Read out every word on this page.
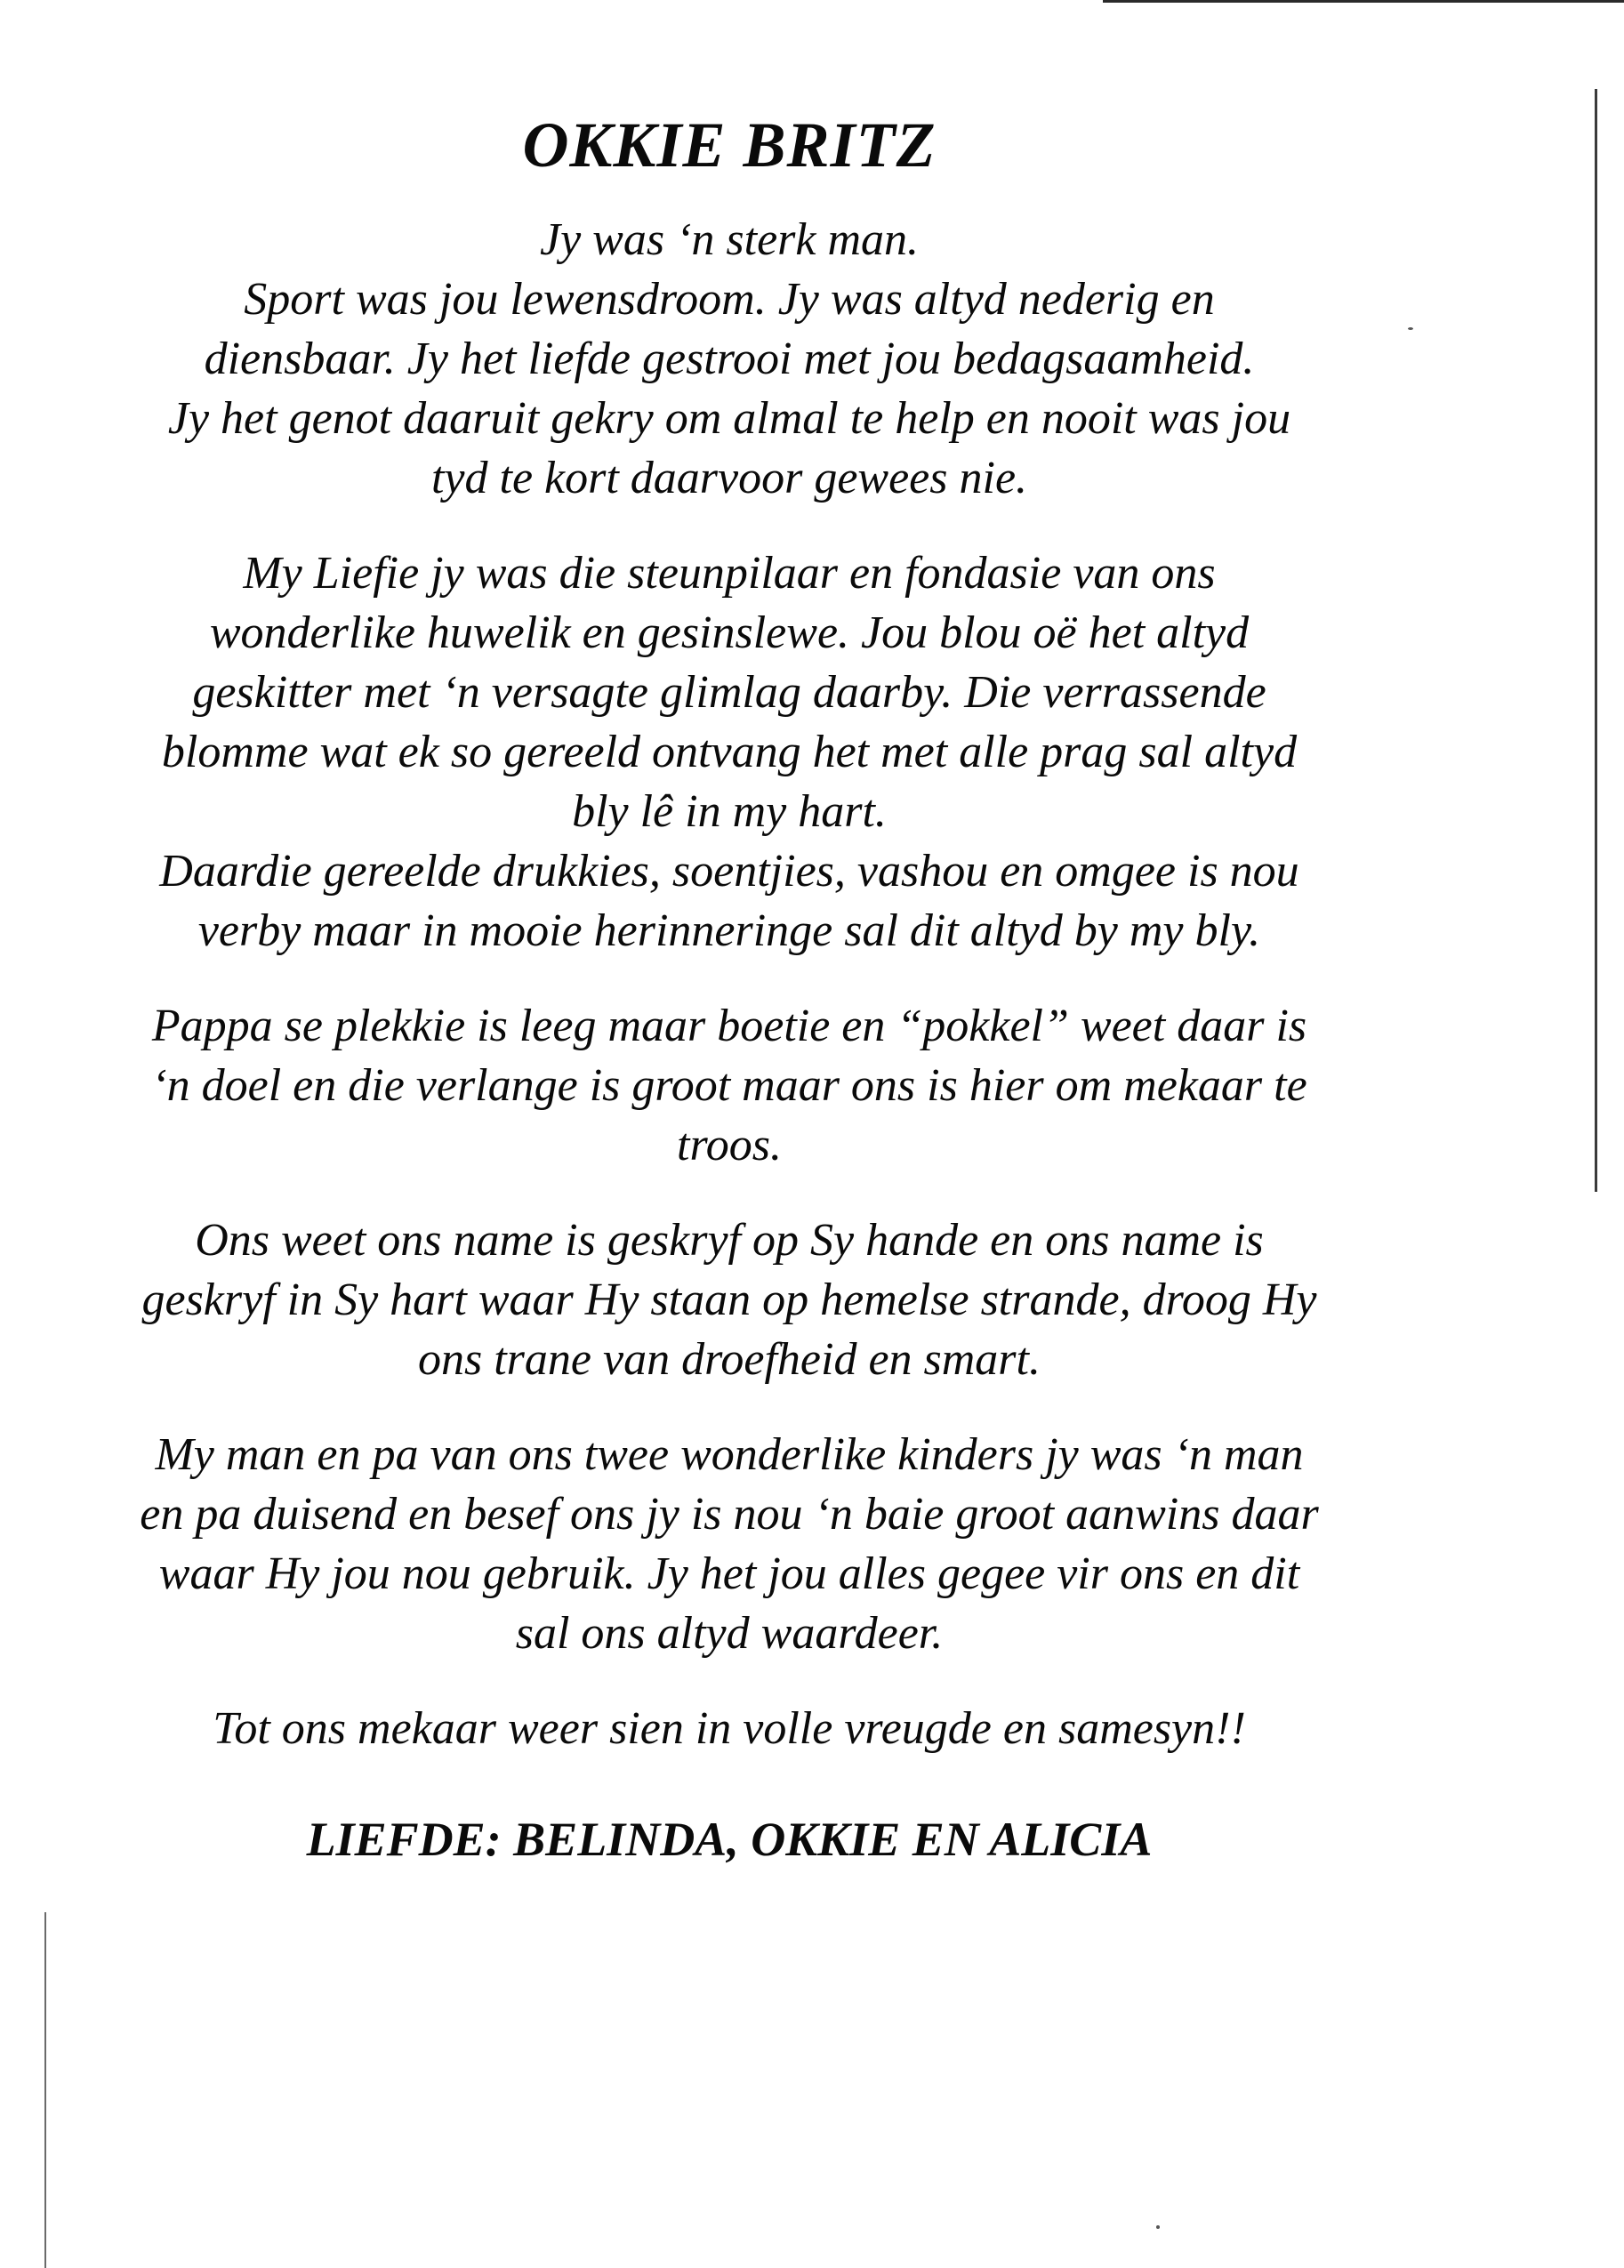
OKKIE BRITZ

Jy was ‘n sterk man.
Sport was jou lewensdroom. Jy was altyd nederig en
diensbaar. Jy het liefde gestrooi met jou bedagsaamheid.
Jy het genot daaruit gekry om almal te help en nooit was jou
tyd te kort daarvoor gewees nie.

My Liefie jy was die steunpilaar en fondasie van ons
wonderlike huwelik en gesinslewe. Jou blou oë het altyd
geskitter met ‘n versagte glimlag daarby. Die verrassende
blomme wat ek so gereeld ontvang het met alle prag sal altyd
bly lê in my hart.

Daardie gereelde drukkies, soentjies, vashou en omgee is nou
verby maar in mooie herinneringe sal dit altyd by my bly.

Pappa se plekkie is leeg maar boetie en “pokkel” weet daar is
‘n doel en die verlange is groot maar ons is hier om mekaar te
troos.

Ons weet ons name is geskryf op Sy hande en ons name is
geskryf in Sy hart waar Hy staan op hemelse strande, droog Hy
ons trane van droefheid en smart.

My man en pa van ons twee wonderlike kinders jy was ‘n man
en pa duisend en besef ons jy is nou ‘n baie groot aanwins daar
waar Hy jou nou gebruik. Jy het jou alles gegee vir ons en dit
sal ons altyd waardeer.

Tot ons mekaar weer sien in volle vreugde en samesyn!!

LIEFDE: BELINDA, OKKIE EN ALICIA
